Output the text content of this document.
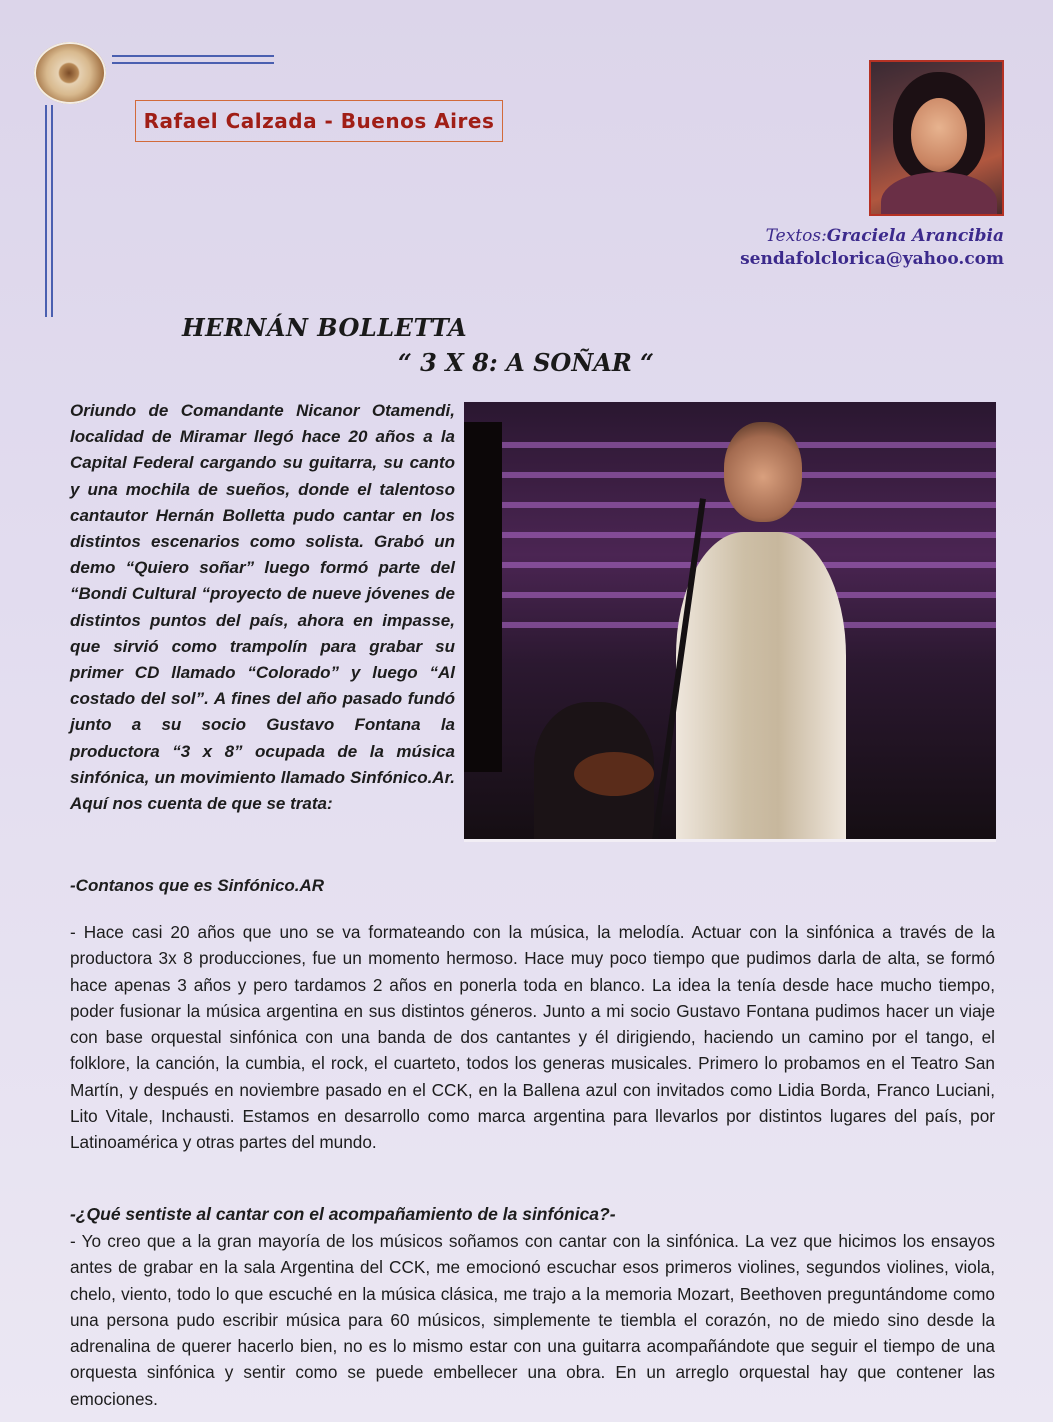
Rafael Calzada - Buenos Aires
Textos:Graciela Arancibia
sendafolclorica@yahoo.com
HERNÁN BOLLETTA
“ 3 X 8: A SOÑAR “
Oriundo de Comandante Nicanor Otamendi, localidad de Miramar llegó hace 20 años a la Capital Federal cargando su guitarra, su canto y una mochila de sueños, donde el talentoso cantautor Hernán Bolletta pudo cantar en los distintos escenarios como solista. Grabó un demo “Quiero soñar” luego formó parte del “Bondi Cultural “proyecto de nueve jóvenes de distintos puntos del país, ahora en impasse, que sirvió como trampolín para grabar su primer CD llamado “Colorado” y luego “Al costado del sol”. A fines del año pasado fundó junto a su socio Gustavo Fontana la productora “3 x 8” ocupada de la música sinfónica, un movimiento llamado Sinfónico.Ar. Aquí nos cuenta de que se trata:
-Contanos que es Sinfónico.AR
- Hace casi 20 años que uno se va formateando con la música, la melodía. Actuar con la sinfónica a través de la productora 3x 8 producciones, fue un momento hermoso. Hace muy poco tiempo que pudimos darla de alta, se formó hace apenas 3 años y pero tardamos 2 años en ponerla toda en blanco. La idea la tenía desde hace mucho tiempo, poder fusionar la música argentina en sus distintos géneros. Junto a mi socio Gustavo Fontana pudimos hacer un viaje con base orquestal sinfónica con una banda de dos cantantes y él dirigiendo, haciendo un camino por el tango, el folklore, la canción, la cumbia, el rock, el cuarteto, todos los generas musicales. Primero lo probamos en el Teatro San Martín, y después en noviembre pasado en el CCK, en la Ballena azul con invitados como Lidia Borda, Franco Luciani, Lito Vitale, Inchausti. Estamos en desarrollo como marca argentina para llevarlos por distintos lugares del país, por Latinoamérica y otras partes del mundo.
-¿Qué sentiste al cantar con el acompañamiento de la sinfónica?-
- Yo creo que a la gran mayoría de los músicos soñamos con cantar con la sinfónica. La vez que hicimos los ensayos antes de grabar en la sala Argentina del CCK, me emocionó escuchar esos primeros violines, segundos violines, viola, chelo, viento, todo lo que escuché en la música clásica, me trajo a la memoria Mozart, Beethoven preguntándome como una persona pudo escribir música para 60 músicos, simplemente te tiembla el corazón, no de miedo sino desde la adrenalina de querer hacerlo bien, no es lo mismo estar con una guitarra acompañándote que seguir el tiempo de una orquesta sinfónica y sentir como se puede embellecer una obra. En un arreglo orquestal hay que contener las emociones.
